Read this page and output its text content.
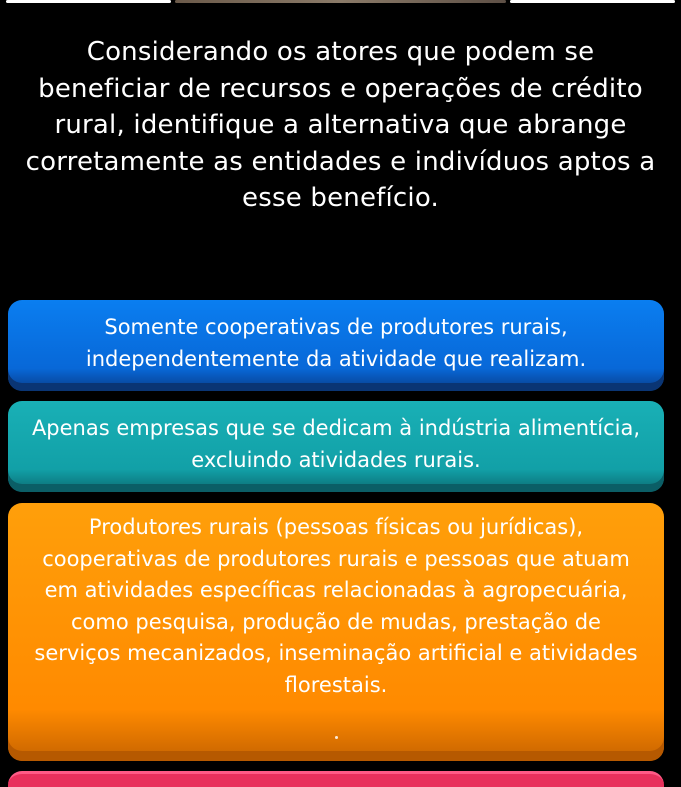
Considerando os atores que podem se beneficiar de recursos e operações de crédito rural, identifique a alternativa que abrange corretamente as entidades e indivíduos aptos a esse benefício.
Somente cooperativas de produtores rurais, independentemente da atividade que realizam.
Apenas empresas que se dedicam à indústria alimentícia, excluindo atividades rurais.
Produtores rurais (pessoas físicas ou jurídicas), cooperativas de produtores rurais e pessoas que atuam em atividades específicas relacionadas à agropecuária, como pesquisa, produção de mudas, prestação de serviços mecanizados, inseminação artificial e atividades florestais.
